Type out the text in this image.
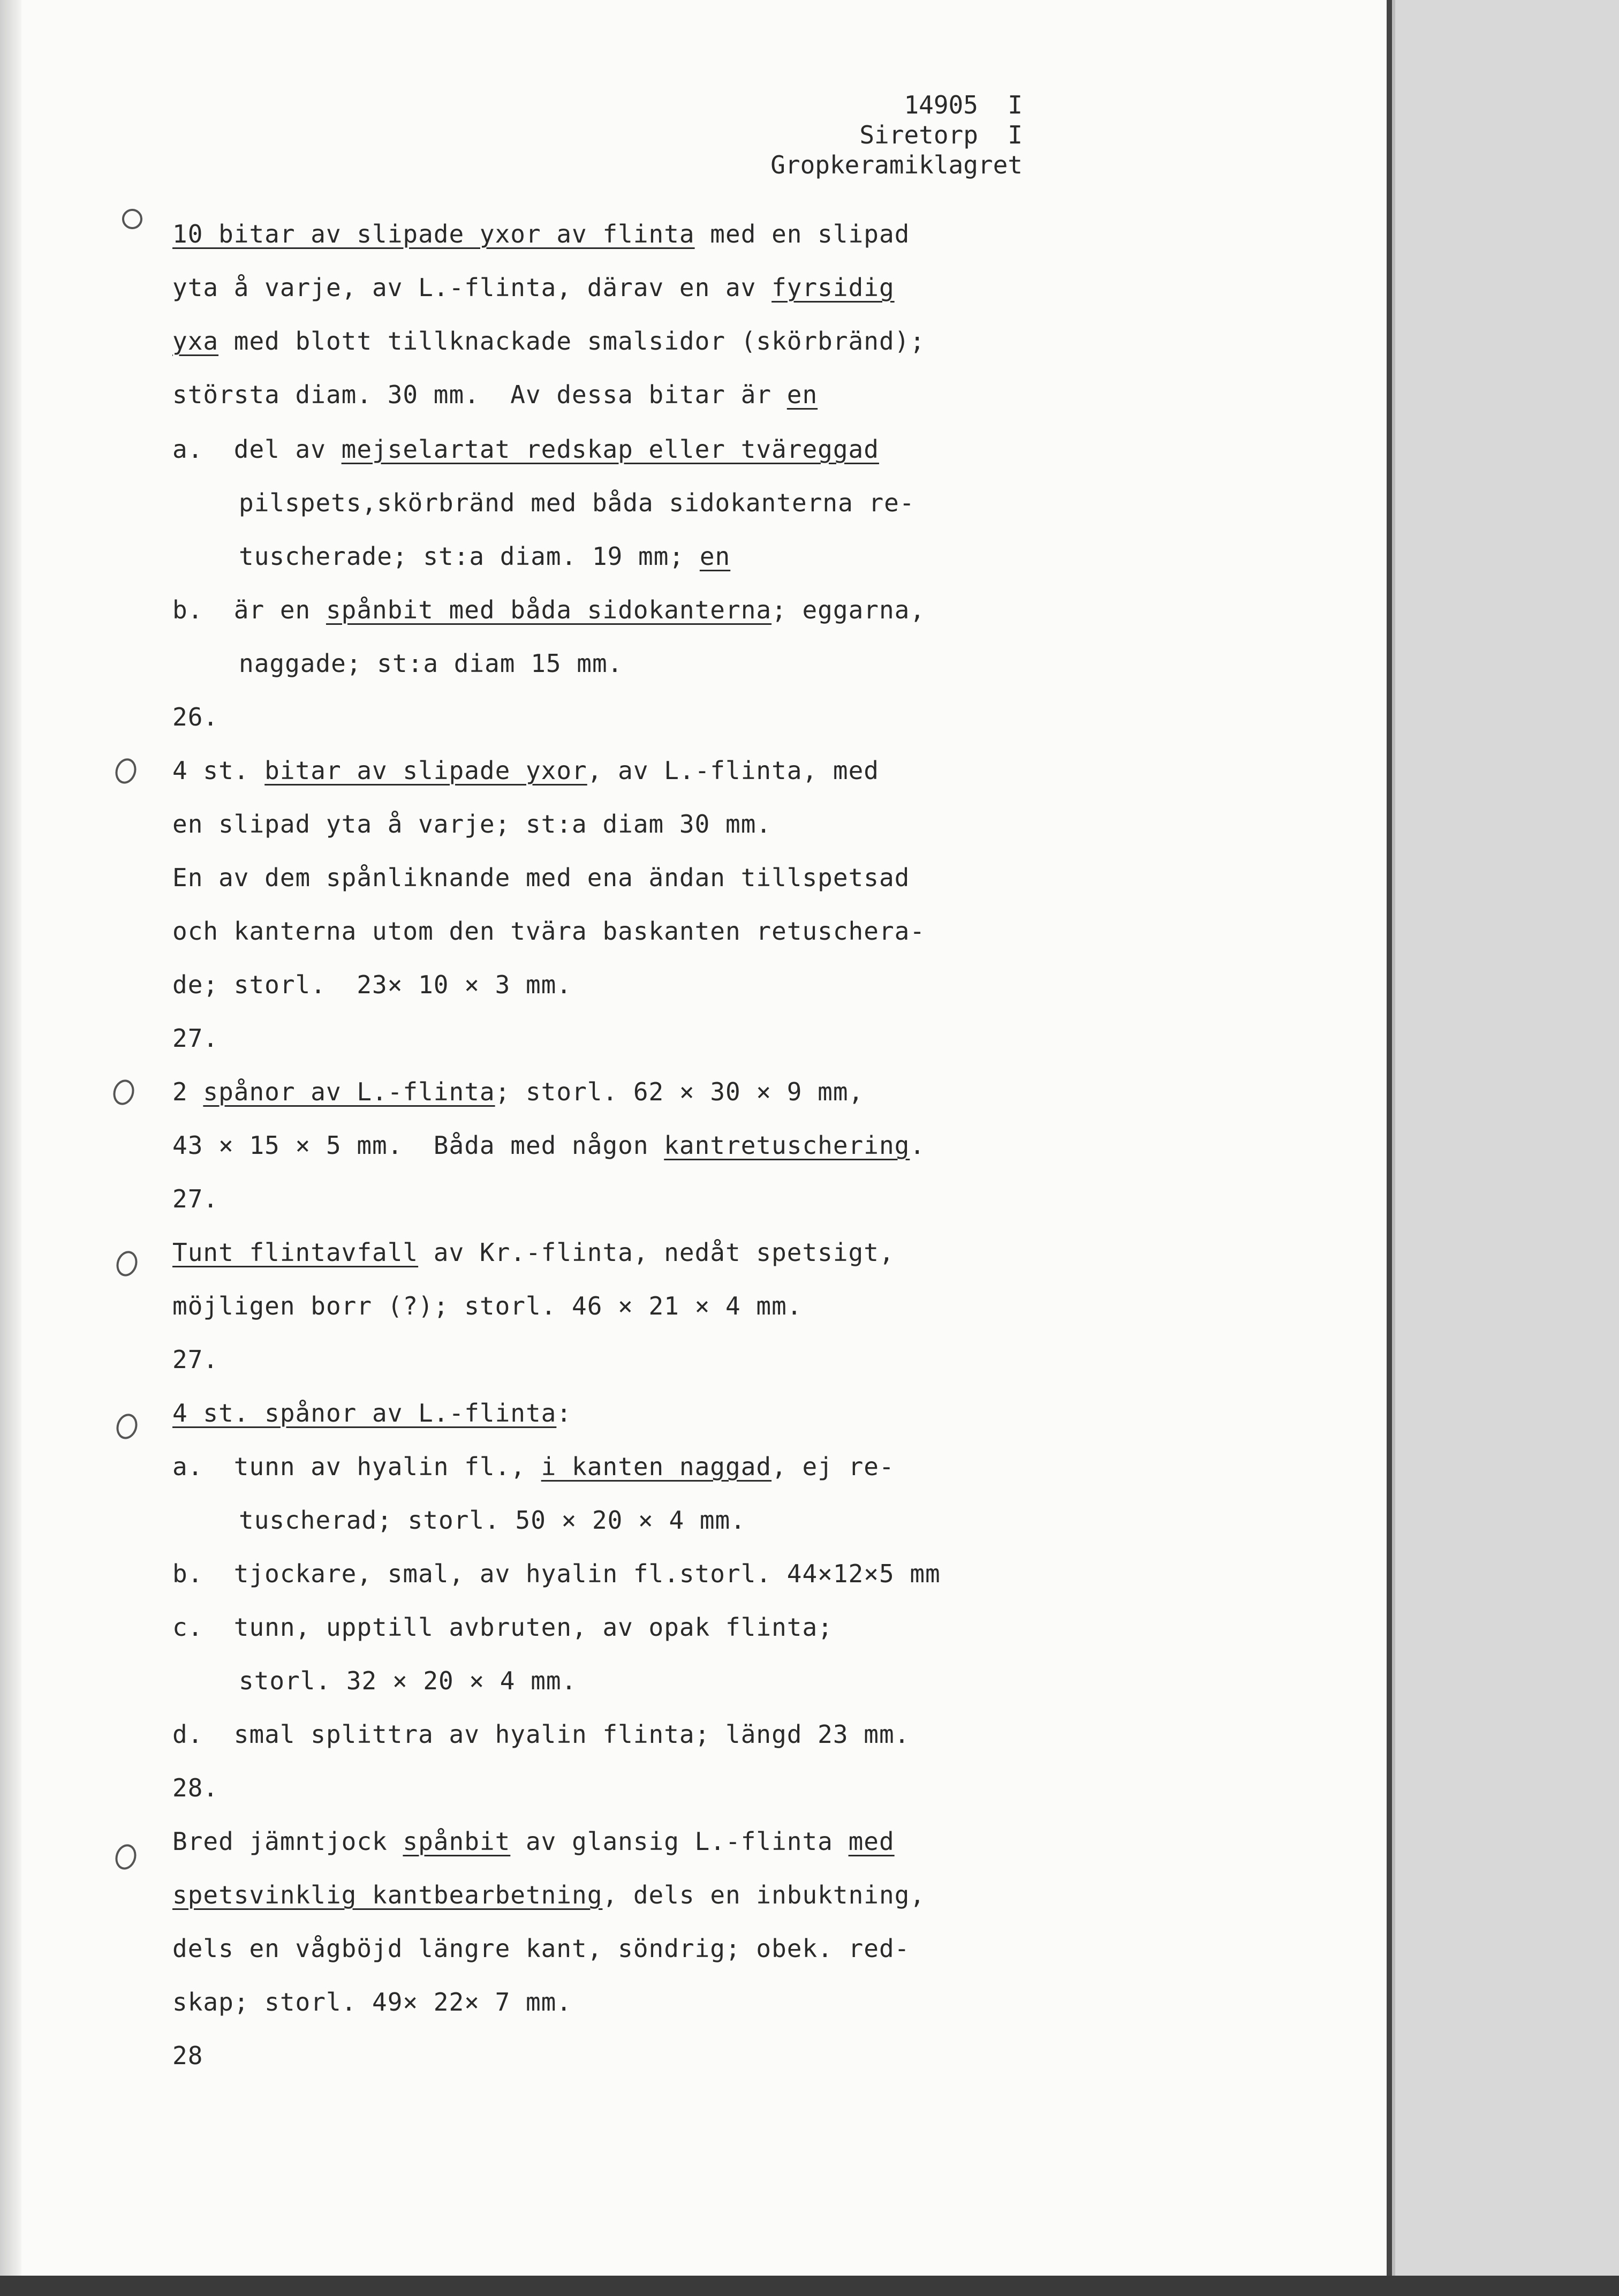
14905  I
Siretorp  I
Gropkeramiklagret
10 bitar av slipade yxor av flinta med en slipad
yta å varje, av L.-flinta, därav en av fyrsidig
yxa med blott tillknackade smalsidor (skörbränd);
största diam. 30 mm.  Av dessa bitar är en
a.  del av mejselartat redskap eller tväreggad
pilspets,skörbränd med båda sidokanterna re-
tuscherade; st:a diam. 19 mm; en
b.  är en spånbit med båda sidokanterna; eggarna,
naggade; st:a diam 15 mm.
26.
4 st. bitar av slipade yxor, av L.-flinta, med
en slipad yta å varje; st:a diam 30 mm.
En av dem spånliknande med ena ändan tillspetsad
och kanterna utom den tvära baskanten retuschera-
de; storl.  23× 10 × 3 mm.
27.
2 spånor av L.-flinta; storl. 62 × 30 × 9 mm,
43 × 15 × 5 mm.  Båda med någon kantretuschering.
27.
Tunt flintavfall av Kr.-flinta, nedåt spetsigt,
möjligen borr (?); storl. 46 × 21 × 4 mm.
27.
4 st. spånor av L.-flinta:
a.  tunn av hyalin fl., i kanten naggad, ej re-
tuscherad; storl. 50 × 20 × 4 mm.
b.  tjockare, smal, av hyalin fl.storl. 44×12×5 mm
c.  tunn, upptill avbruten, av opak flinta;
storl. 32 × 20 × 4 mm.
d.  smal splittra av hyalin flinta; längd 23 mm.
28.
Bred jämntjock spånbit av glansig L.-flinta med
spetsvinklig kantbearbetning, dels en inbuktning,
dels en vågböjd längre kant, söndrig; obek. red-
skap; storl. 49× 22× 7 mm.
28
